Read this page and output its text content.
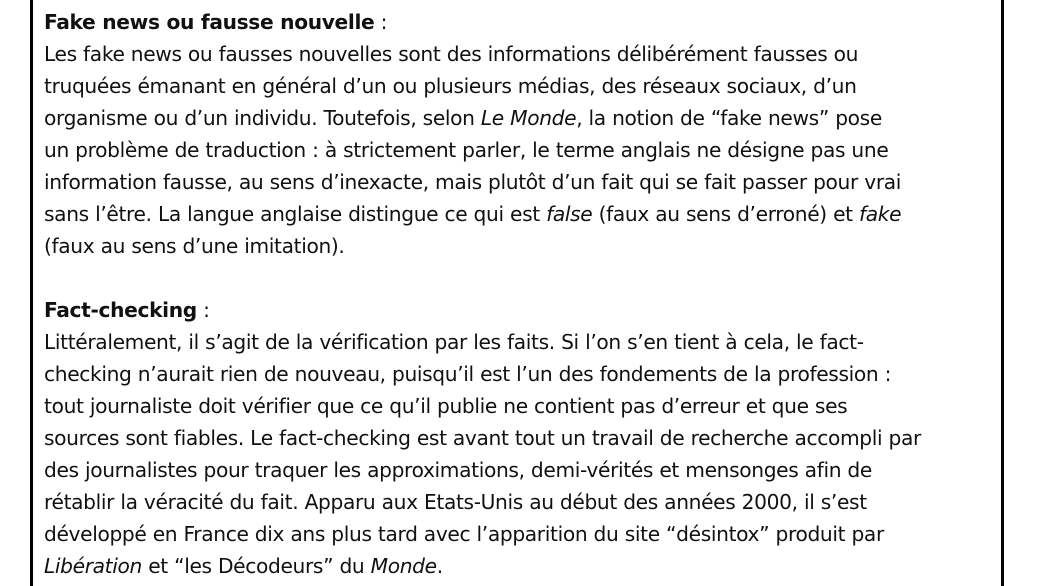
Fake news ou fausse nouvelle :
Les fake news ou fausses nouvelles sont des informations délibérément fausses ou
truquées émanant en général d’un ou plusieurs médias, des réseaux sociaux, d’un
organisme ou d’un individu. Toutefois, selon Le Monde, la notion de “fake news” pose
un problème de traduction : à strictement parler, le terme anglais ne désigne pas une
information fausse, au sens d’inexacte, mais plutôt d’un fait qui se fait passer pour vrai
sans l’être. La langue anglaise distingue ce qui est false (faux au sens d’erroné) et fake
(faux au sens d’une imitation).
Fact-checking :
Littéralement, il s’agit de la vérification par les faits. Si l’on s’en tient à cela, le fact-
checking n’aurait rien de nouveau, puisqu’il est l’un des fondements de la profession :
tout journaliste doit vérifier que ce qu’il publie ne contient pas d’erreur et que ses
sources sont fiables. Le fact-checking est avant tout un travail de recherche accompli par
des journalistes pour traquer les approximations, demi-vérités et mensonges afin de
rétablir la véracité du fait. Apparu aux Etats-Unis au début des années 2000, il s’est
développé en France dix ans plus tard avec l’apparition du site “désintox” produit par
Libération et “les Décodeurs” du Monde.
